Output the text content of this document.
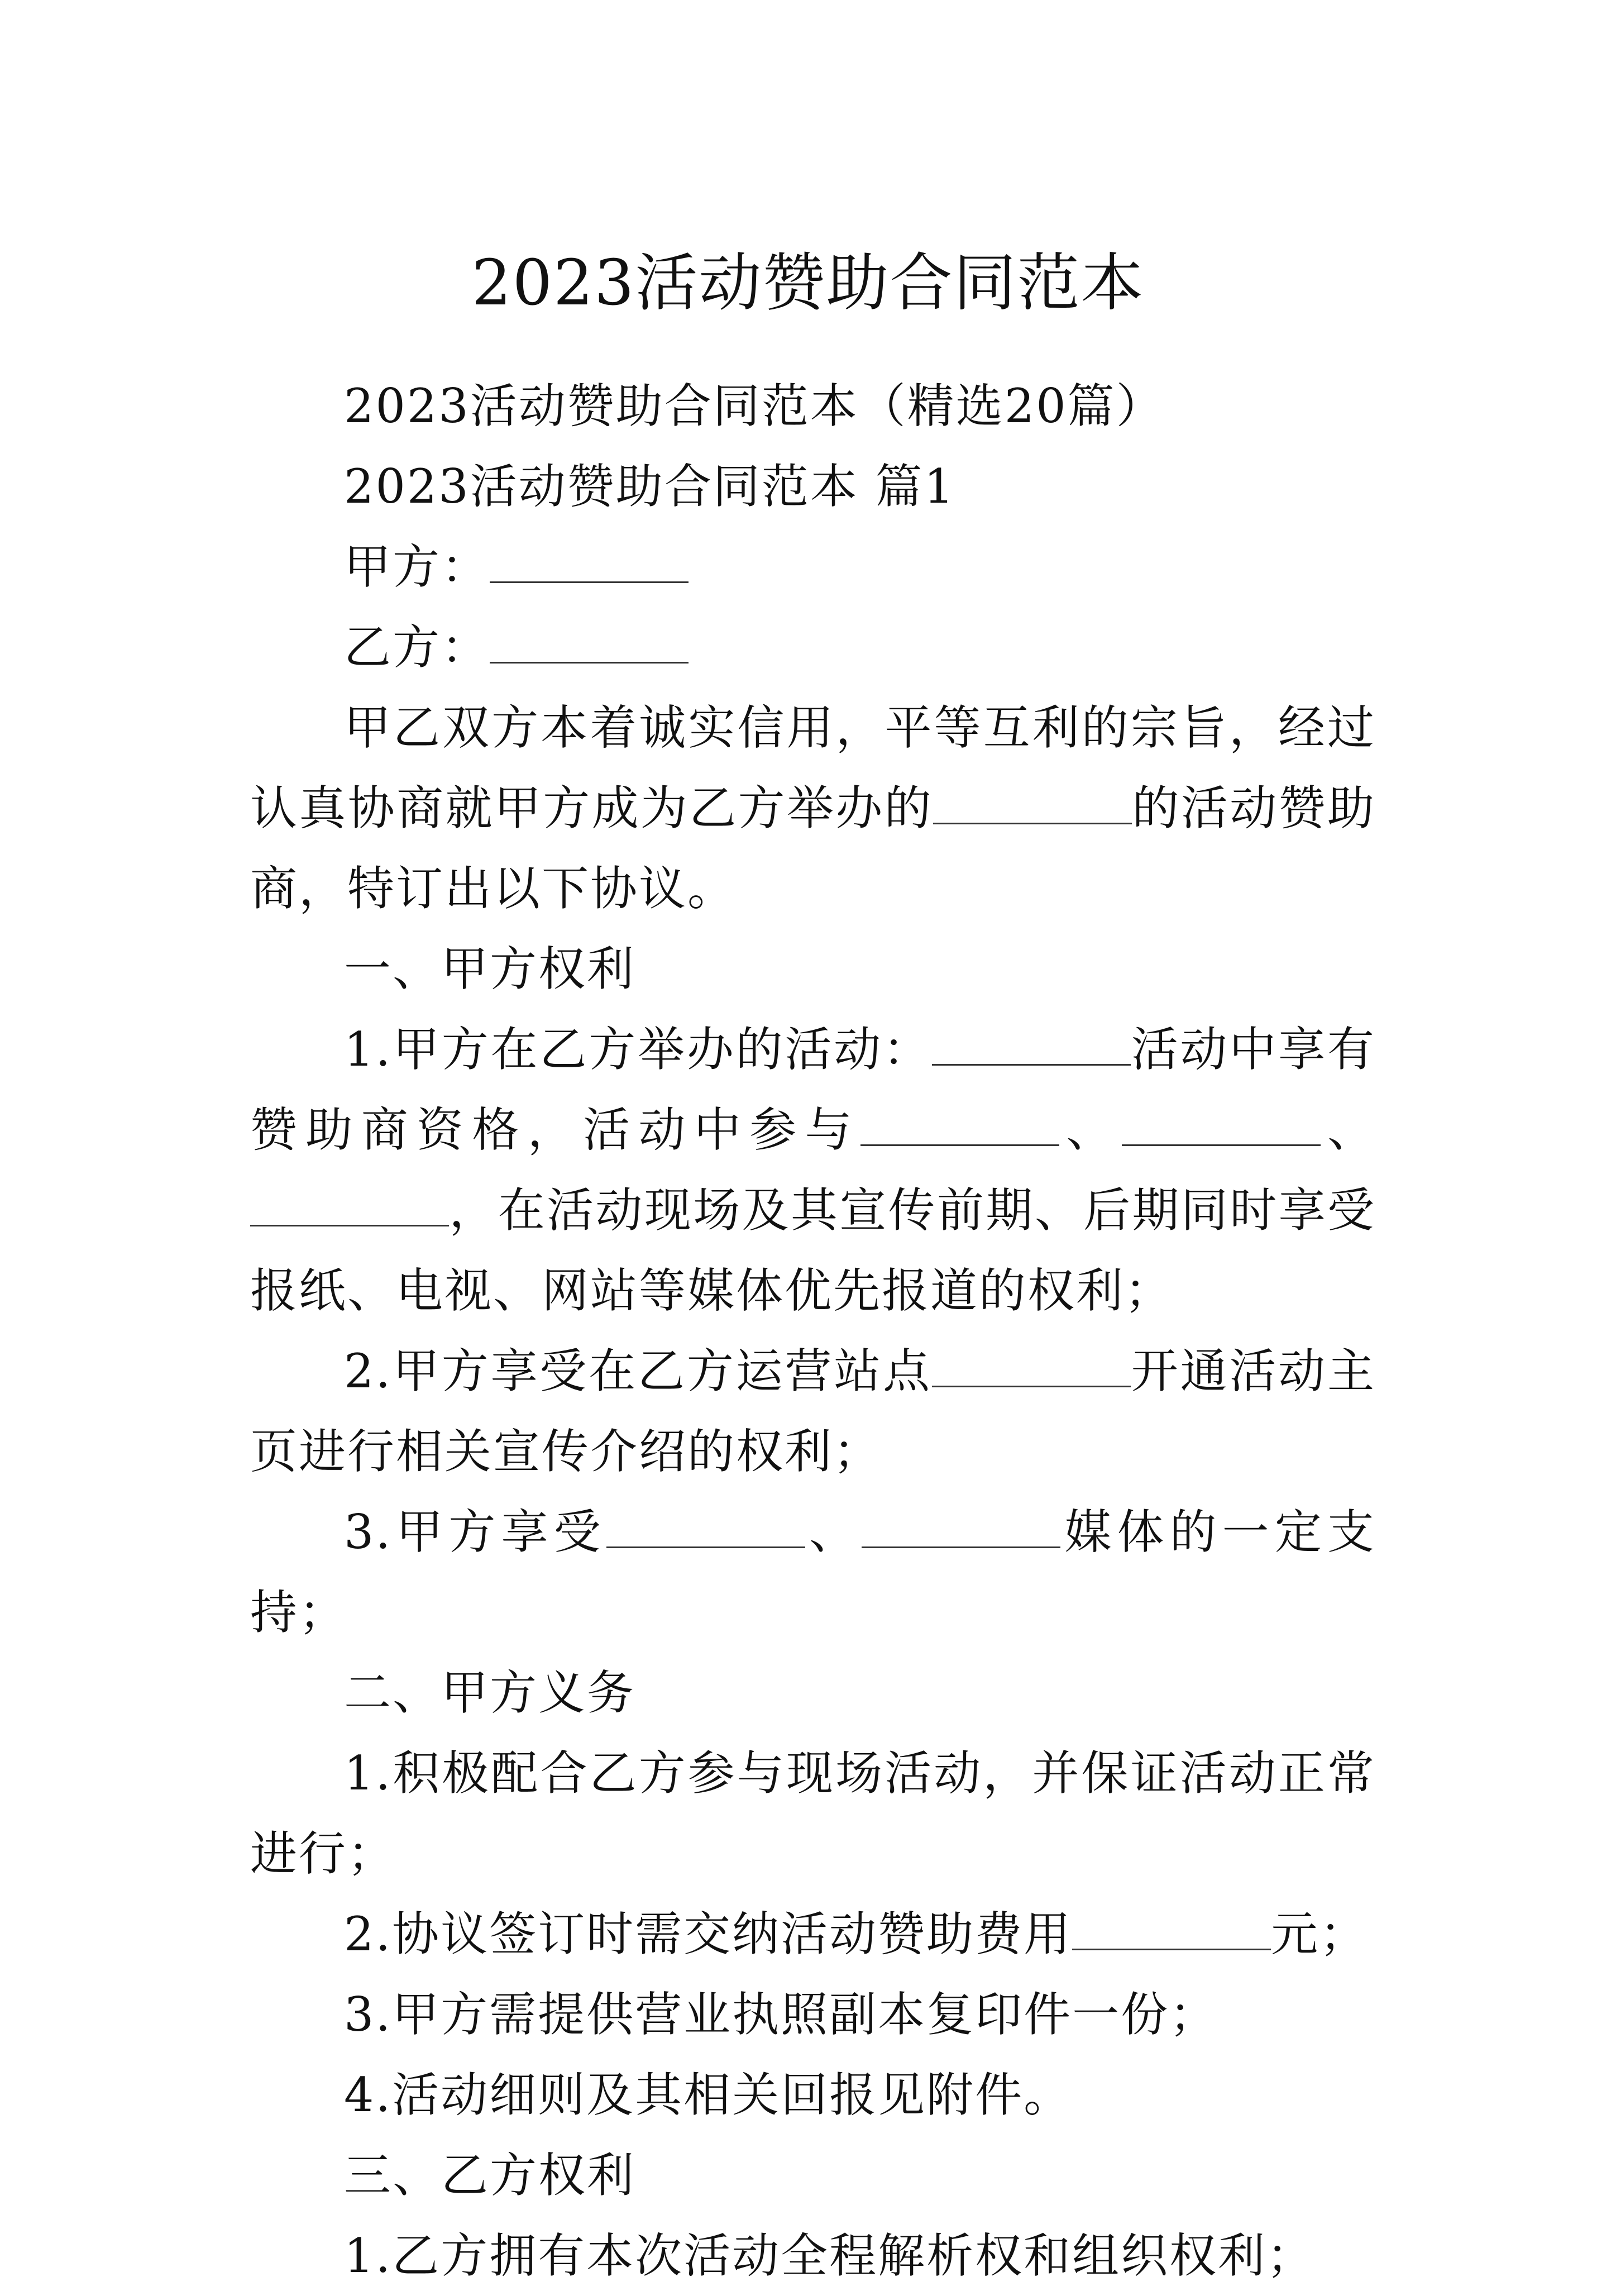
2023活动赞助合同范本

2023活动赞助合同范本（精选20篇）

2023活动赞助合同范本 篇1

甲方：

乙方：

甲乙双方本着诚实信用，平等互利的宗旨，经过认真协商就甲方成为乙方举办的	的活动赞助商，特订出以下协议。

一、甲方权利

1.甲方在乙方举办的活动：	活动中享有赞助商资格，活动中参与	、	、，在活动现场及其宣传前期、后期同时享受报纸、电视、网站等媒体优先报道的权利；

2.甲方享受在乙方运营站点	开通活动主页进行相关宣传介绍的权利；

3.甲方享受	、	媒体的一定支持；

二、甲方义务

1.积极配合乙方参与现场活动，并保证活动正常进行；

2.协议签订时需交纳活动赞助费用	元；

3.甲方需提供营业执照副本复印件一份；

4.活动细则及其相关回报见附件。

三、乙方权利

1.乙方拥有本次活动全程解析权和组织权利；
